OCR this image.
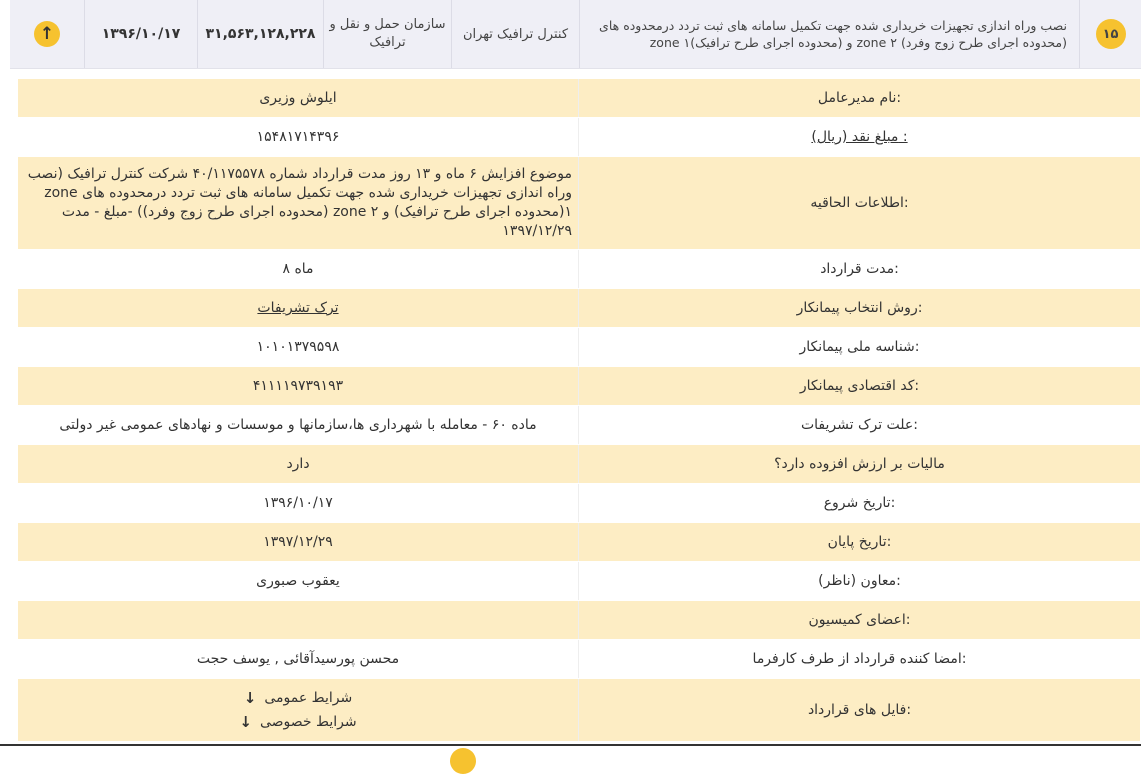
۱۵
نصب وراه اندازی تجهیزات خریداری شده جهت تکمیل سامانه های ثبت تردد درمحدوده های zone ۱(محدوده اجرای طرح ترافیک) و zone ۲ (محدوده اجرای طرح زوج وفرد)
کنترل ترافیک تهران
سازمان حمل و نقل و ترافیک
۳۱,۵۶۳,۱۲۸,۲۲۸
۱۳۹۶/۱۰/۱۷
↑
نام مدیرعامل:
ایلوش وزیری
مبلغ نقد (ریال) :
۱۵۴۸۱۷۱۴۳۹۶
اطلاعات الحاقیه:
موضوع افزایش ۶ ماه و ۱۳ روز مدت قرارداد شماره ۴۰/۱۱۷۵۵۷۸ شرکت کنترل ترافیک (نصب وراه اندازی تجهیزات خریداری شده جهت تکمیل سامانه های ثبت تردد درمحدوده های zone ۱(محدوده اجرای طرح ترافیک) و zone ۲ (محدوده اجرای طرح زوج وفرد)) -مبلغ - مدت ۱۳۹۷/۱۲/۲۹
مدت قرارداد:
۸ ماه
روش انتخاب پیمانکار:
ترک تشریفات
شناسه ملی پیمانکار:
۱۰۱۰۱۳۷۹۵۹۸
کد اقتصادی پیمانکار:
۴۱۱۱۱۹۷۳۹۱۹۳
علت ترک تشریفات:
ماده ۶۰ - معامله با شهرداری ها،سازمانها و موسسات و نهادهای عمومی غیر دولتی
مالیات بر ارزش افزوده دارد؟
دارد
تاریخ شروع:
۱۳۹۶/۱۰/۱۷
تاریخ پایان:
۱۳۹۷/۱۲/۲۹
معاون (ناظر):
یعقوب صبوری
اعضای کمیسیون:
امضا کننده قرارداد از طرف کارفرما:
محسن پورسیدآقائی , یوسف حجت
فایل های قرارداد:
شرایط عمومی
↓
شرایط خصوصی
↓
